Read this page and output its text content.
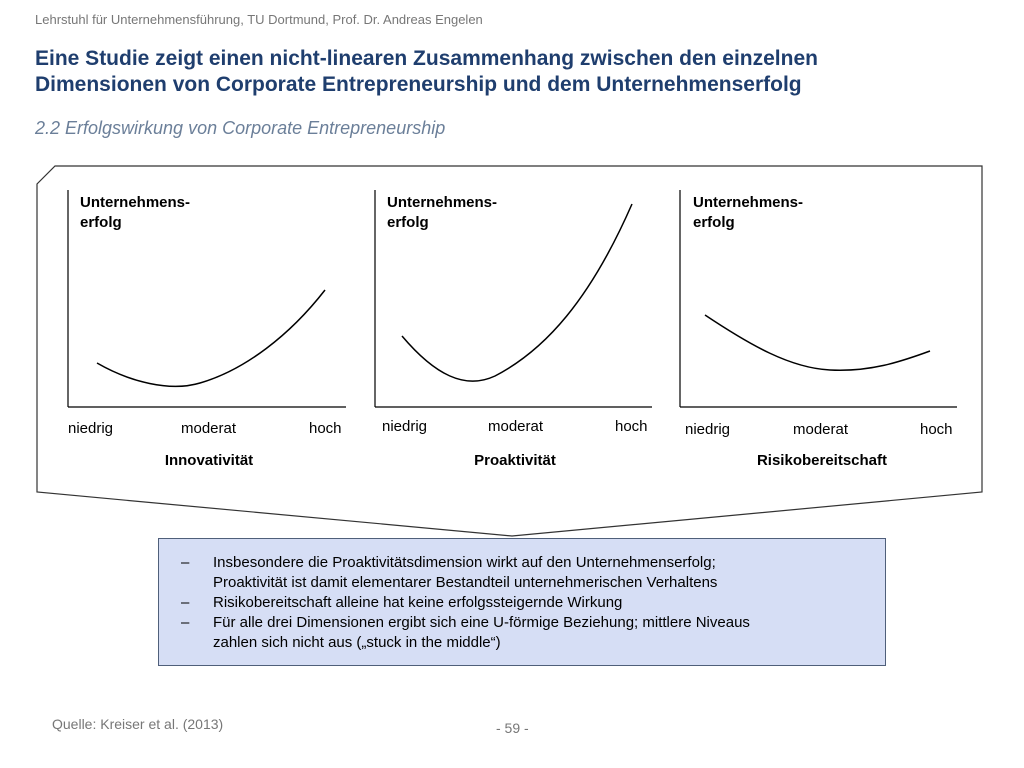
Lehrstuhl für Unternehmensführung, TU Dortmund, Prof. Dr. Andreas Engelen
Eine Studie zeigt einen nicht-linearen Zusammenhang zwischen den einzelnen
Dimensionen von Corporate Entrepreneurship und dem Unternehmenserfolg
2.2 Erfolgswirkung von Corporate Entrepreneurship
Unternehmens-
erfolg
niedrig	moderat	hoch
Innovativität
Unternehmens-
erfolg
niedrig	moderat	hoch
Proaktivität
Unternehmens-
erfolg
niedrig	moderat	hoch
Risikobereitschaft
–	Insbesondere die Proaktivitätsdimension wirkt auf den Unternehmenserfolg;
Proaktivität ist damit elementarer Bestandteil unternehmerischen Verhaltens
–	Risikobereitschaft alleine hat keine erfolgssteigernde Wirkung
–	Für alle drei Dimensionen ergibt sich eine U-förmige Beziehung; mittlere Niveaus
zahlen sich nicht aus („stuck in the middle“)
Quelle: Kreiser et al. (2013)	- 59 -
